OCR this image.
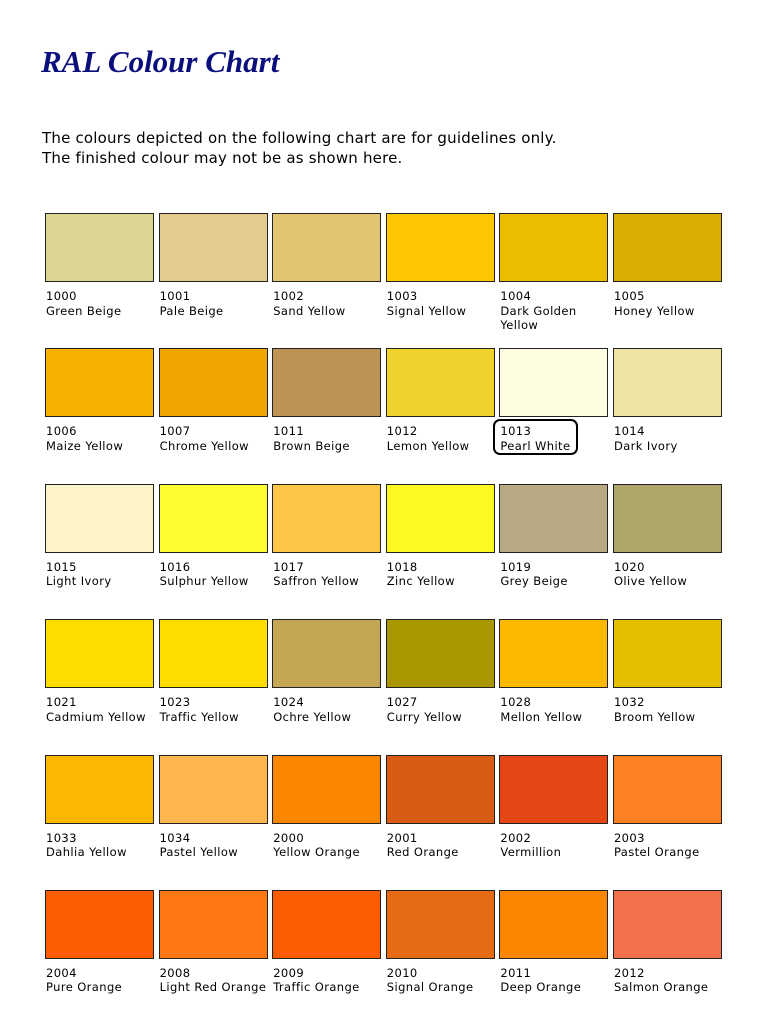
RAL Colour Chart

The colours depicted on the following chart are for guidelines only.

The finished colour may not be as shown here.

1000
Green Beige
1001
Pale Beige
1002
Sand Yellow
1003
Signal Yellow
1004
Dark Golden Yellow
1005
Honey Yellow
1006
Maize Yellow
1007
Chrome Yellow
1011
Brown Beige
1012
Lemon Yellow
1013
Pearl White
1014
Dark Ivory
1015
Light Ivory
1016
Sulphur Yellow
1017
Saffron Yellow
1018
Zinc Yellow
1019
Grey Beige
1020
Olive Yellow
1021
Cadmium Yellow
1023
Traffic Yellow
1024
Ochre Yellow
1027
Curry Yellow
1028
Mellon Yellow
1032
Broom Yellow
1033
Dahlia Yellow
1034
Pastel Yellow
2000
Yellow Orange
2001
Red Orange
2002
Vermillion
2003
Pastel Orange
2004
Pure Orange
2008
Light Red Orange
2009
Traffic Orange
2010
Signal Orange
2011
Deep Orange
2012
Salmon Orange
